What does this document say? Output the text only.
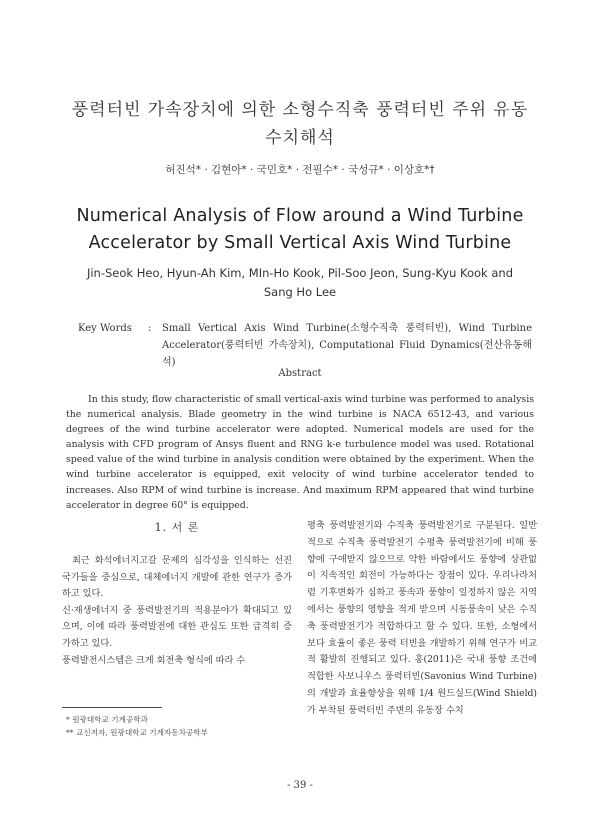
풍력터빈 가속장치에 의한 소형수직축 풍력터빈 주위 유동
수치해석
허진석* · 김현아* · 국민호* · 전필수* · 국성규* · 이상호*†
Numerical Analysis of Flow around a Wind Turbine
Accelerator by Small Vertical Axis Wind Turbine
Jin-Seok Heo, Hyun-Ah Kim, MIn-Ho Kook, Pil-Soo Jeon, Sung-Kyu Kook and Sang Ho Lee
Key Words : Small Vertical Axis Wind Turbine(소형수직축 풍력터빈), Wind Turbine Accelerator(풍력터빈 가속장치), Computational Fluid Dynamics(전산유동해석)
Abstract
In this study, flow characteristic of small vertical-axis wind turbine was performed to analysis the numerical analysis. Blade geometry in the wind turbine is NACA 6512-43, and various degrees of the wind turbine accelerator were adopted. Numerical models are used for the analysis with CFD program of Ansys fluent and RNG k-e turbulence model was used. Rotational speed value of the wind turbine in analysis condition were obtained by the experiment. When the wind turbine accelerator is equipped, exit velocity of wind turbine accelerator tended to increases. Also RPM of wind turbine is increase. And maximum RPM appeared that wind turbine accelerator in degree 60° is equipped.
1. 서 론

최근 화석에너지고갈 문제의 심각성을 인식하는 선진 국가들을 중심으로, 대체에너지 개발에 관한 연구가 증가하고 있다.

신·재생에너지 중 풍력발전기의 적용분야가 확대되고 있으며, 이에 따라 풍력발전에 대한 관심도 또한 급격히 증가하고 있다.

풍력발전시스템은 크게 회전축 형식에 따라 수

평축 풍력발전기와 수직축 풍력발전기로 구분된다. 일반적으로 수직축 풍력발전기 수평축 풍력발전기에 비해 풍향에 구애받지 않으므로 약한 바람에서도 풍향에 상관없이 지속적인 회전이 가능하다는 장점이 있다. 우리나라처럼 기후변화가 심하고 풍속과 풍향이 일정하지 않은 지역에서는 풍향의 영향을 적게 받으며 시동풍속이 낮은 수직축 풍력발전기가 적합하다고 할 수 있다. 또한, 소형에서 보다 효율이 좋은 풍력 터빈을 개발하기 위해 연구가 비교적 활발히 진행되고 있다. 홍(2011)은 국내 풍향 조건에 적합한 사보니우스 풍력터빈(Savonius Wind Turbine)의 개발과 효율향상을 위해 1/4 원드실드(Wind Shield)가 부착된 풍력터빈 주변의 유동장 수치
* 원광대학교 기계공학과
** 교신저자, 원광대학교 기계자동차공학부
- 39 -
